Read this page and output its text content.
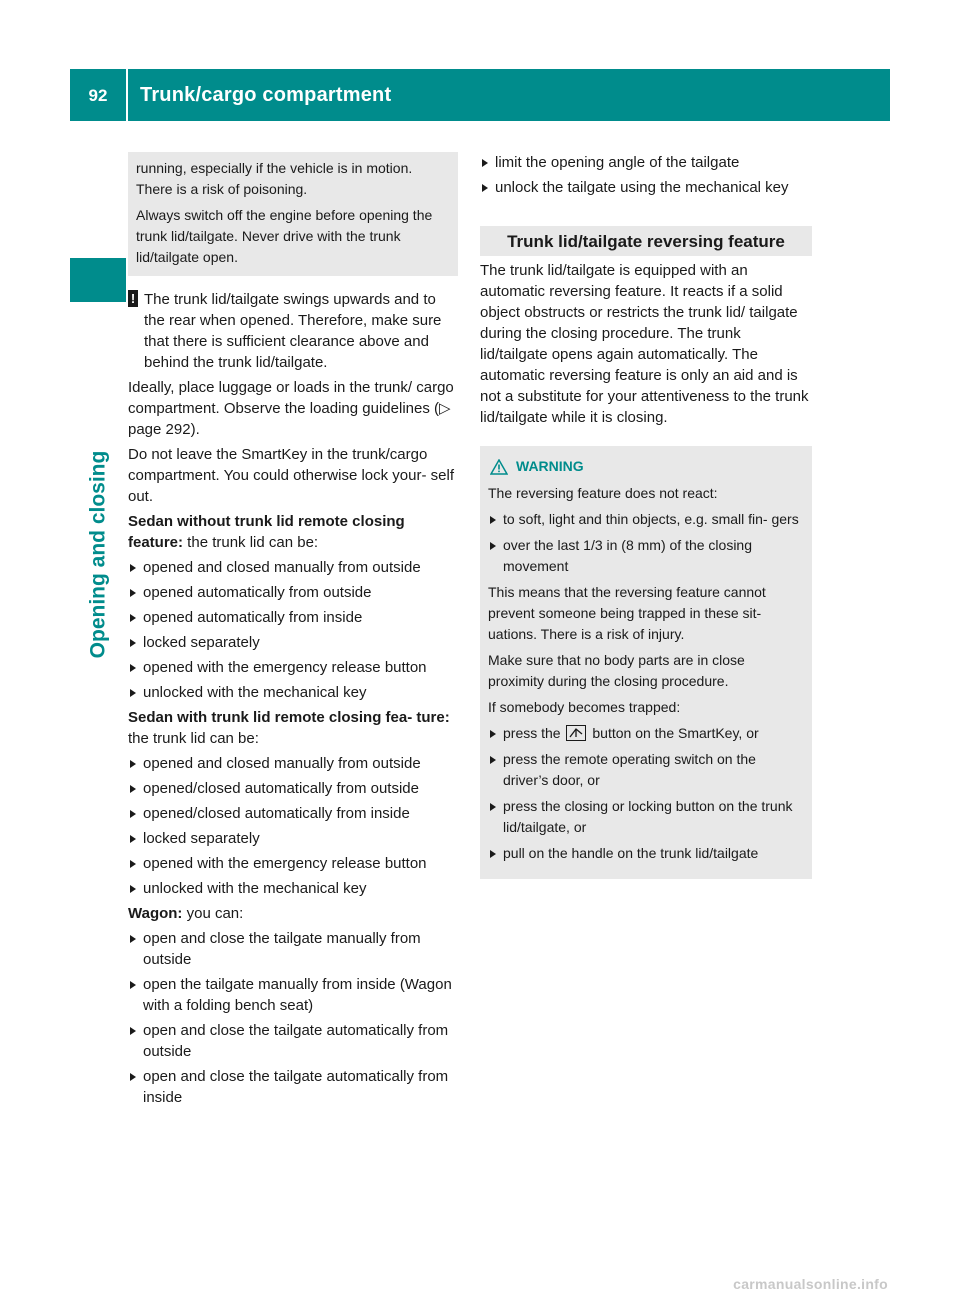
92	Trunk/cargo compartment
Opening and closing

running, especially if the vehicle is in motion. There is a risk of poisoning.

Always switch off the engine before opening the trunk lid/tailgate. Never drive with the trunk lid/tailgate open.

! The trunk lid/tailgate swings upwards and to the rear when opened. Therefore, make sure that there is sufficient clearance above and behind the trunk lid/tailgate.

Ideally, place luggage or loads in the trunk/ cargo compartment. Observe the loading guidelines (▷ page 292).

Do not leave the SmartKey in the trunk/cargo compartment. You could otherwise lock your- self out.

Sedan without trunk lid remote closing feature: the trunk lid can be:

opened and closed manually from outside
opened automatically from outside
opened automatically from inside
locked separately
opened with the emergency release button
unlocked with the mechanical key

Sedan with trunk lid remote closing fea- ture: the trunk lid can be:

opened and closed manually from outside
opened/closed automatically from outside
opened/closed automatically from inside
locked separately
opened with the emergency release button
unlocked with the mechanical key

Wagon: you can:

open and close the tailgate manually from outside
open the tailgate manually from inside (Wagon with a folding bench seat)
open and close the tailgate automatically from outside
open and close the tailgate automatically from inside
limit the opening angle of the tailgate
unlock the tailgate using the mechanical key
Trunk lid/tailgate reversing feature

The trunk lid/tailgate is equipped with an automatic reversing feature. It reacts if a solid object obstructs or restricts the trunk lid/ tailgate during the closing procedure. The trunk lid/tailgate opens again automatically. The automatic reversing feature is only an aid and is not a substitute for your attentiveness to the trunk lid/tailgate while it is closing.

WARNING

The reversing feature does not react:

to soft, light and thin objects, e.g. small fin- gers
over the last 1/3 in (8 mm) of the closing movement

This means that the reversing feature cannot prevent someone being trapped in these sit- uations. There is a risk of injury.

Make sure that no body parts are in close proximity during the closing procedure.

If somebody becomes trapped:

press the button on the SmartKey, or
press the remote operating switch on the driver’s door, or
press the closing or locking button on the trunk lid/tailgate, or
pull on the handle on the trunk lid/tailgate
carmanualsonline.info
